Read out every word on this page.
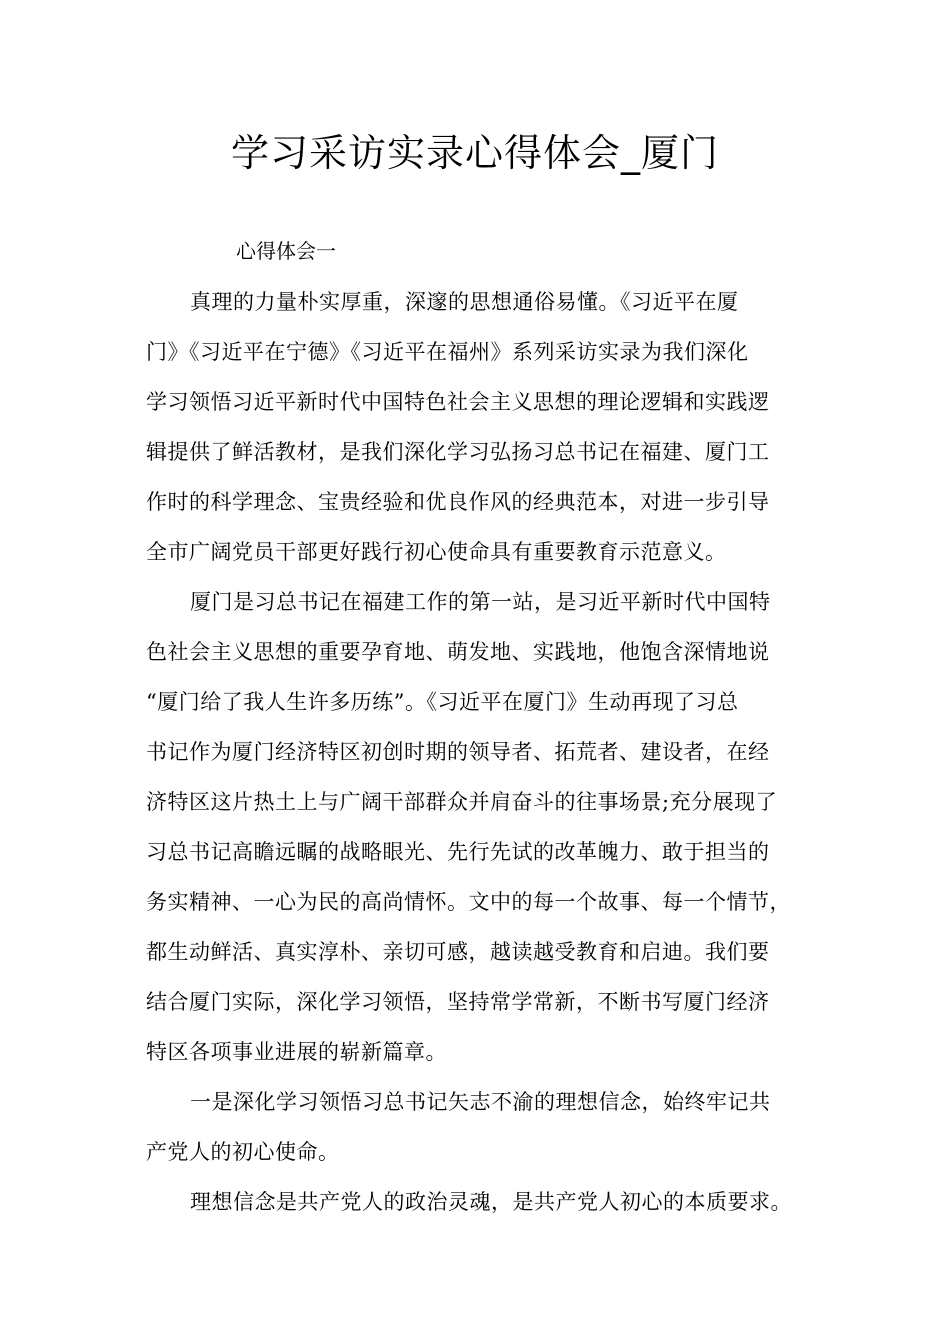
学习采访实录心得体会_厦门

心得体会一

真理的力量朴实厚重，深邃的思想通俗易懂。《习近平在厦

门》《习近平在宁德》《习近平在福州》系列采访实录为我们深化

学习领悟习近平新时代中国特色社会主义思想的理论逻辑和实践逻

辑提供了鲜活教材，是我们深化学习弘扬习总书记在福建、厦门工

作时的科学理念、宝贵经验和优良作风的经典范本，对进一步引导

全市广阔党员干部更好践行初心使命具有重要教育示范意义。

厦门是习总书记在福建工作的第一站，是习近平新时代中国特

色社会主义思想的重要孕育地、萌发地、实践地，他饱含深情地说

“厦门给了我人生许多历练”。《习近平在厦门》生动再现了习总

书记作为厦门经济特区初创时期的领导者、拓荒者、建设者，在经

济特区这片热土上与广阔干部群众并肩奋斗的往事场景;充分展现了

习总书记高瞻远瞩的战略眼光、先行先试的改革魄力、敢于担当的

务实精神、一心为民的高尚情怀。文中的每一个故事、每一个情节，

都生动鲜活、真实淳朴、亲切可感，越读越受教育和启迪。我们要

结合厦门实际，深化学习领悟，坚持常学常新，不断书写厦门经济

特区各项事业进展的崭新篇章。

一是深化学习领悟习总书记矢志不渝的理想信念，始终牢记共

产党人的初心使命。

理想信念是共产党人的政治灵魂，是共产党人初心的本质要求。
